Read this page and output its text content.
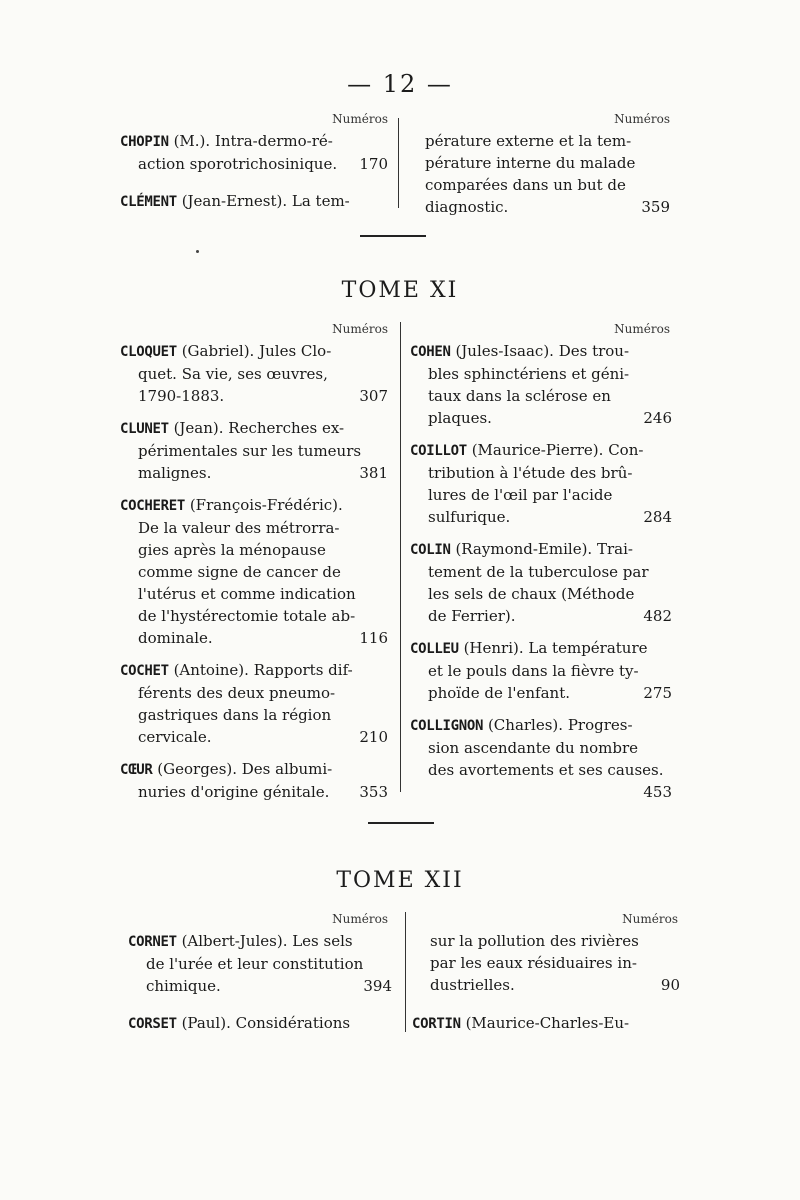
— 12 —
Numéros	Numéros
CHOPIN (M.). Intra-dermo-ré-
action sporotrichosinique. 170
CLÉMENT (Jean-Ernest). La tem-
pérature externe et la tem-
pérature interne du malade
comparées dans un but de
diagnostic.	359
TOME XI
Numéros	Numéros
CLOQUET (Gabriel). Jules Clo-
quet. Sa vie, ses œuvres,
1790-1883.	307
CLUNET (Jean). Recherches ex-
périmentales sur les tumeurs
malignes.	381
COCHERET (François-Frédéric).
De la valeur des métrorra-
gies après la ménopause
comme signe de cancer de
l'utérus et comme indication
de l'hystérectomie totale ab-
dominale.	116
COCHET (Antoine). Rapports dif-
férents des deux pneumo-
gastriques dans la région
cervicale.	210
CŒUR (Georges). Des albumi-
nuries d'origine génitale. 353
COHEN (Jules-Isaac). Des trou-
bles sphinctériens et géni-
taux dans la sclérose en
plaques.	246
COILLOT (Maurice-Pierre). Con-
tribution à l'étude des brû-
lures de l'œil par l'acide
sulfurique.	284
COLIN (Raymond-Emile). Trai-
tement de la tuberculose par
les sels de chaux (Méthode
de Ferrier).	482
COLLEU (Henri). La température
et le pouls dans la fièvre ty-
phoïde de l'enfant.	275
COLLIGNON (Charles). Progres-
sion ascendante du nombre
des avortements et ses causes.
453
TOME XII
Numéros	Numéros
CORNET (Albert-Jules). Les sels
de l'urée et leur constitution
chimique.	394
CORSET (Paul). Considérations
sur la pollution des rivières
par les eaux résiduaires in-
dustrielles.	90
CORTIN (Maurice-Charles-Eu-
